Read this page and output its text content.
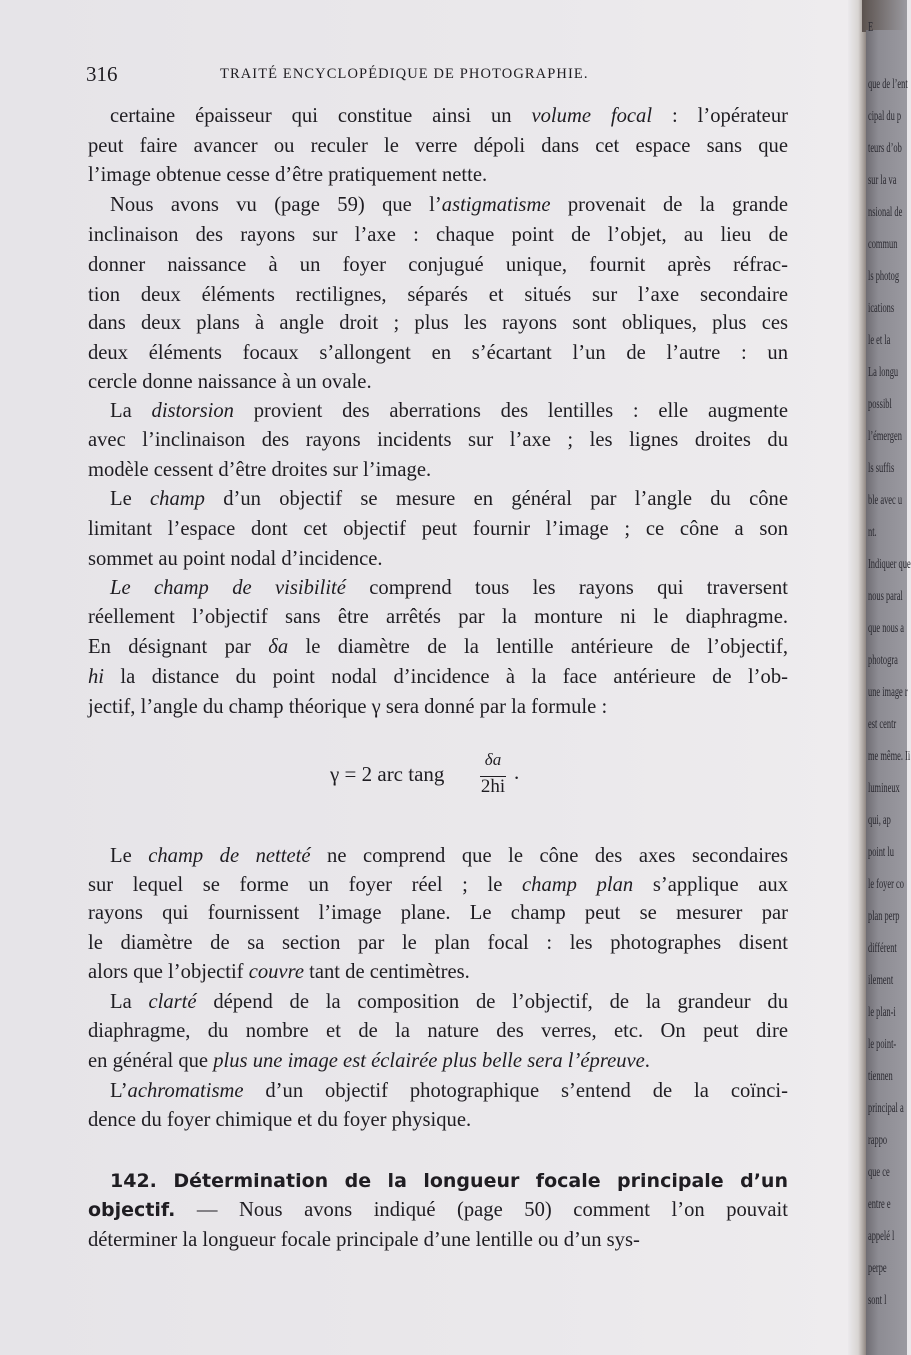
E
que de l’ent
cipal du p
teurs d’ob
sur la va
nsional de
commun
ls photog
ications
le et la
La longu
possibl
l’émergen
ls suffis
ble avec u
nt.
Indiquer que
nous paral
que nous a
photogra
une image r
est centr
me même. Ii
lumineux
qui, ap
point lu
le foyer co
plan perp
différent
ilement
le plan-i
le point-
tiennen
principal a
rappo
que ce
entre e
appelé l
perpe
sont l
316	TRAITÉ ENCYCLOPÉDIQUE DE PHOTOGRAPHIE.
certaine épaisseur qui constitue ainsi un volume focal : l’opérateur
peut faire avancer ou reculer le verre dépoli dans cet espace sans que
l’image obtenue cesse d’être pratiquement nette.
Nous avons vu (page 59) que l’astigmatisme provenait de la grande
inclinaison des rayons sur l’axe : chaque point de l’objet, au lieu de
donner naissance à un foyer conjugué unique, fournit après réfrac-
tion deux éléments rectilignes, séparés et situés sur l’axe secondaire
dans deux plans à angle droit ; plus les rayons sont obliques, plus ces
deux éléments focaux s’allongent en s’écartant l’un de l’autre : un
cercle donne naissance à un ovale.
La distorsion provient des aberrations des lentilles : elle augmente
avec l’inclinaison des rayons incidents sur l’axe ; les lignes droites du
modèle cessent d’être droites sur l’image.
Le champ d’un objectif se mesure en général par l’angle du cône
limitant l’espace dont cet objectif peut fournir l’image ; ce cône a son
sommet au point nodal d’incidence.
Le champ de visibilité comprend tous les rayons qui traversent
réellement l’objectif sans être arrêtés par la monture ni le diaphragme.
En désignant par δa le diamètre de la lentille antérieure de l’objectif,
hi la distance du point nodal d’incidence à la face antérieure de l’ob-
jectif, l’angle du champ théorique γ sera donné par la formule :
Le champ de netteté ne comprend que le cône des axes secondaires
sur lequel se forme un foyer réel ; le champ plan s’applique aux
rayons qui fournissent l’image plane. Le champ peut se mesurer par
le diamètre de sa section par le plan focal : les photographes disent
alors que l’objectif couvre tant de centimètres.
La clarté dépend de la composition de l’objectif, de la grandeur du
diaphragme, du nombre et de la nature des verres, etc. On peut dire
en général que plus une image est éclairée plus belle sera l’épreuve.
L’achromatisme d’un objectif photographique s’entend de la coïnci-
dence du foyer chimique et du foyer physique.
γ = 2 arc tang
δa
2hi
.
142. Détermination de la longueur focale principale d’un
objectif. — Nous avons indiqué (page 50) comment l’on pouvait
déterminer la longueur focale principale d’une lentille ou d’un sys-
